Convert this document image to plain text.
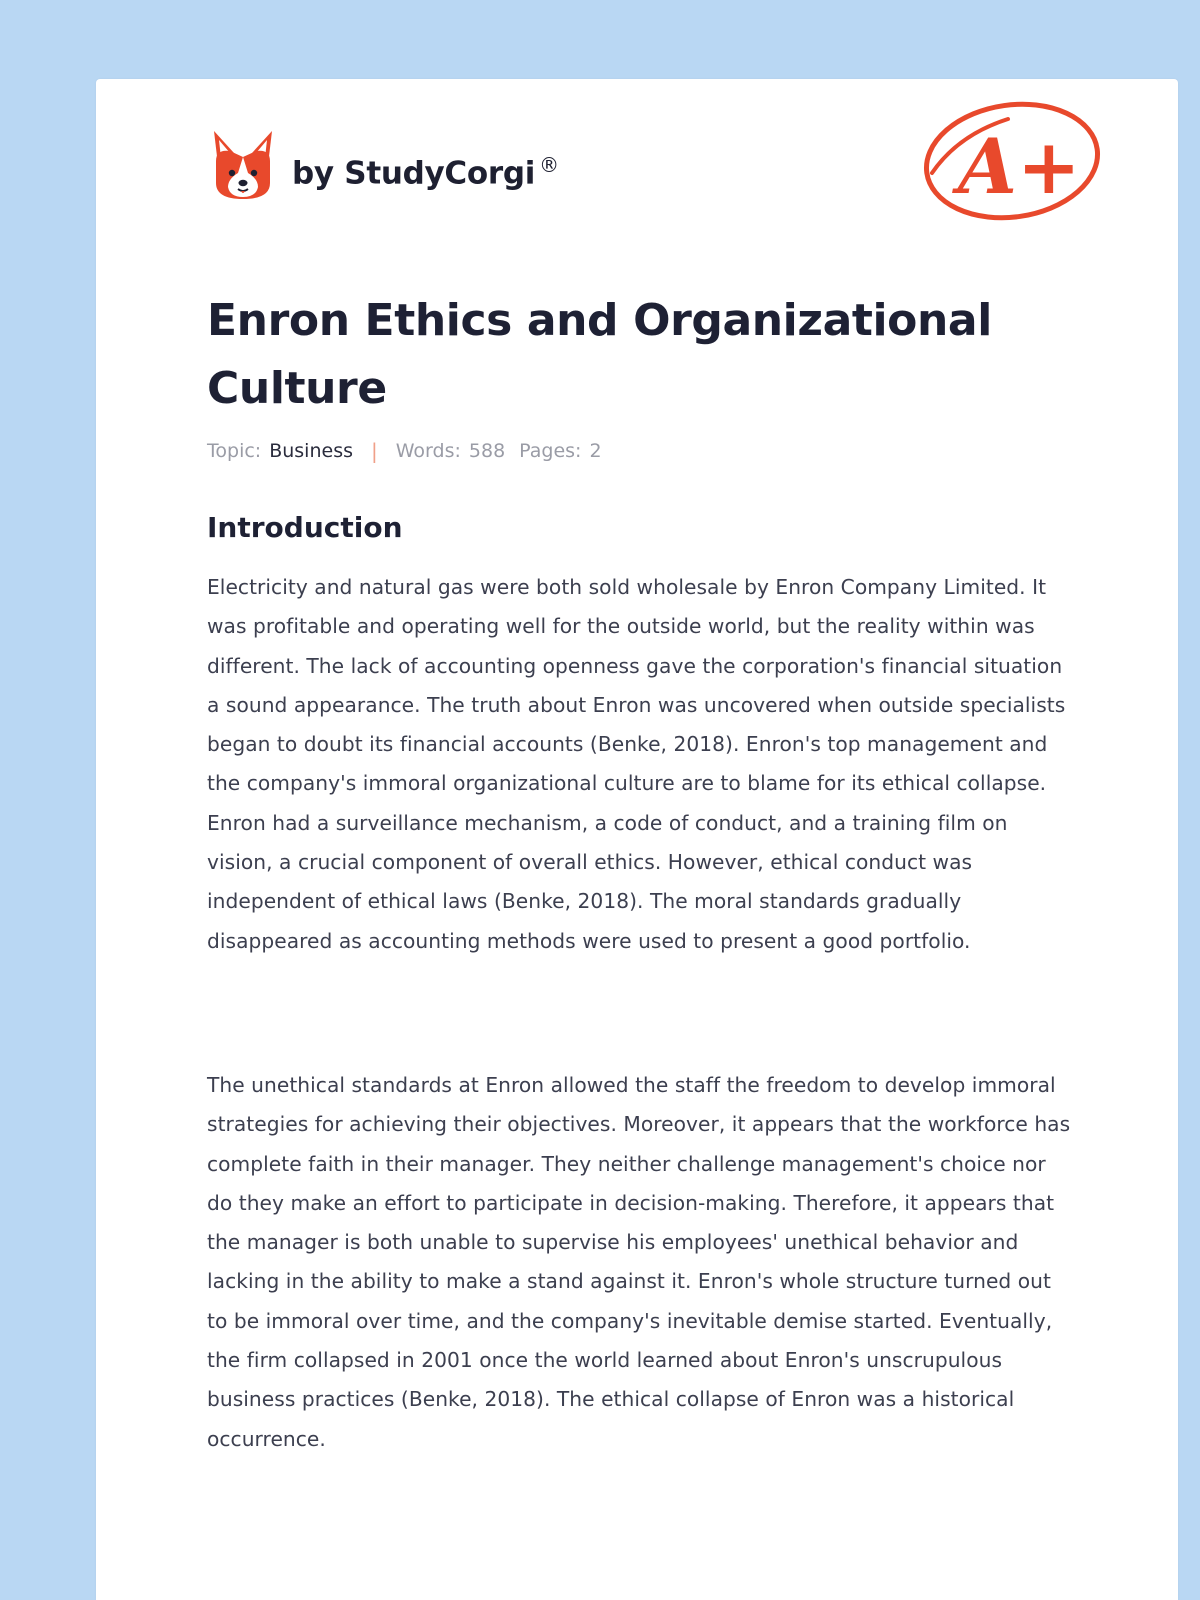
by StudyCorgi ®	A+
Enron Ethics and Organizational Culture
Topic: Business | Words: 588 Pages: 2
Introduction

Electricity and natural gas were both sold wholesale by Enron Company Limited. It was profitable and operating well for the outside world, but the reality within was different. The lack of accounting openness gave the corporation's financial situation a sound appearance. The truth about Enron was uncovered when outside specialists began to doubt its financial accounts (Benke, 2018). Enron's top management and the company's immoral organizational culture are to blame for its ethical collapse. Enron had a surveillance mechanism, a code of conduct, and a training film on vision, a crucial component of overall ethics. However, ethical conduct was independent of ethical laws (Benke, 2018). The moral standards gradually disappeared as accounting methods were used to present a good portfolio.

The unethical standards at Enron allowed the staff the freedom to develop immoral strategies for achieving their objectives. Moreover, it appears that the workforce has complete faith in their manager. They neither challenge management's choice nor do they make an effort to participate in decision-making. Therefore, it appears that the manager is both unable to supervise his employees' unethical behavior and lacking in the ability to make a stand against it. Enron's whole structure turned out to be immoral over time, and the company's inevitable demise started. Eventually, the firm collapsed in 2001 once the world learned about Enron's unscrupulous business practices (Benke, 2018). The ethical collapse of Enron was a historical occurrence.
